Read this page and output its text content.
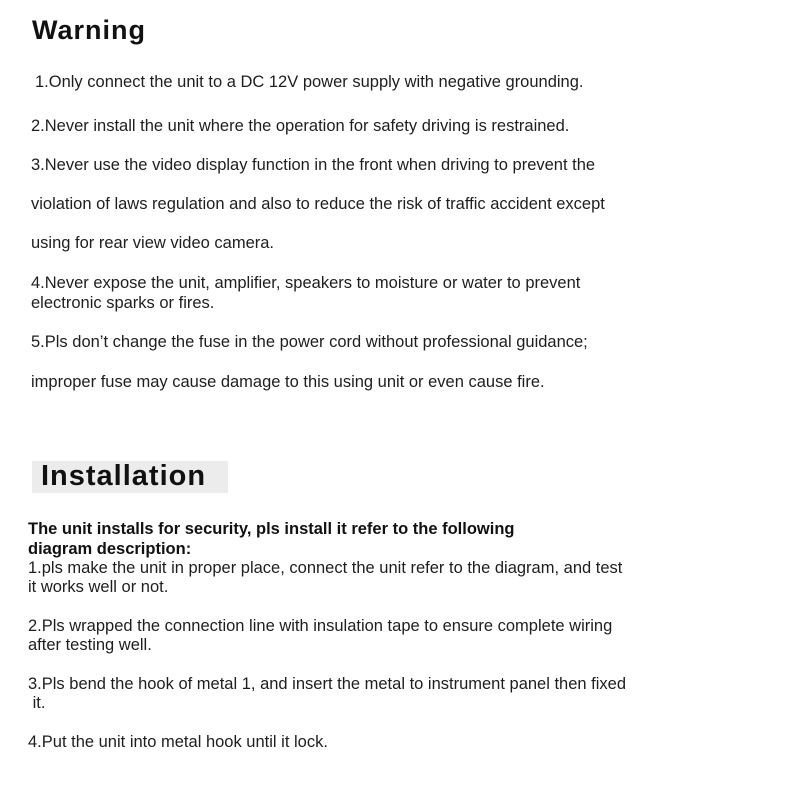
Warning
1.Only connect the unit to a DC 12V power supply with negative grounding.
2.Never install the unit where the operation for safety driving is restrained.
3.Never use the video display function in the front when driving to prevent the
violation of laws regulation and also to reduce the risk of traffic accident except
using for rear view video camera.
4.Never expose the unit, amplifier, speakers to moisture or water to prevent
electronic sparks or fires.
5.Pls don’t change the fuse in the power cord without professional guidance;
improper fuse may cause damage to this using unit or even cause fire.
Installation
The unit installs for security, pls install it refer to the following
diagram description:
1.pls make the unit in proper place, connect the unit refer to the diagram, and test
it works well or not.
2.Pls wrapped the connection line with insulation tape to ensure complete wiring
after testing well.
3.Pls bend the hook of metal 1, and insert the metal to instrument panel then fixed
it.
4.Put the unit into metal hook until it lock.
